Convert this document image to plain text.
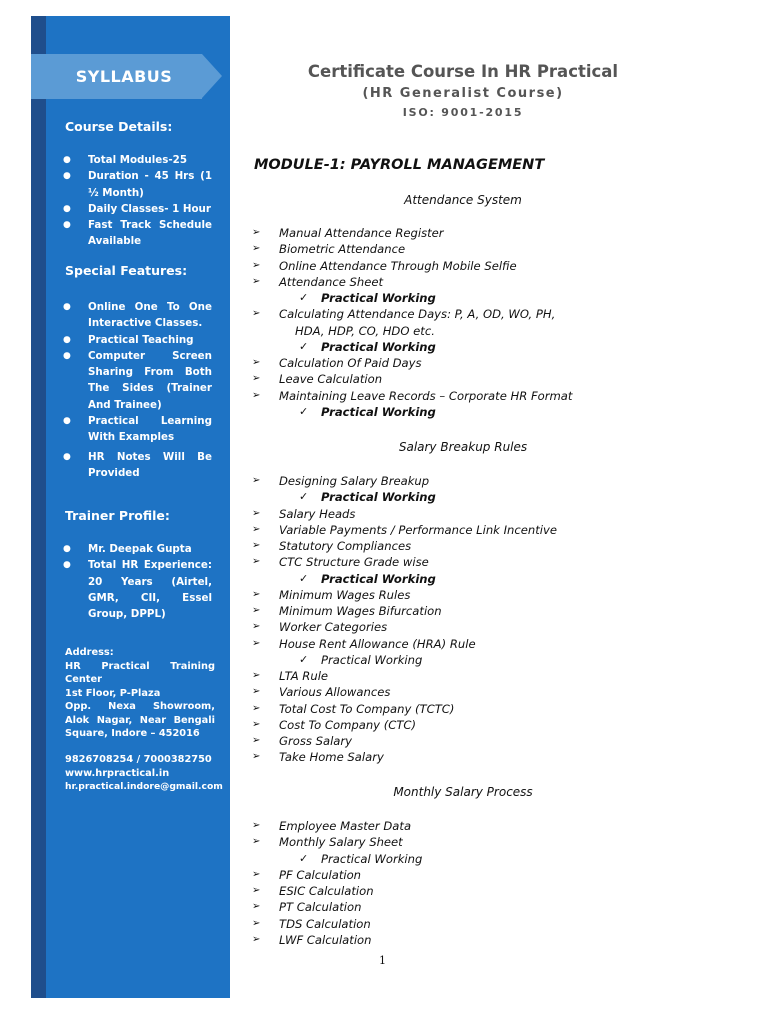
SYLLABUS
Course Details:
● Total Modules-25
● Duration - 45 Hrs (1 ½ Month)
● Daily Classes- 1 Hour
● Fast Track Schedule Available
Special Features:
● Online One To One Interactive Classes.
● Practical Teaching
● Computer Screen Sharing From Both The Sides (Trainer And Trainee)
● Practical Learning With Examples
● HR Notes Will Be Provided
Trainer Profile:
● Mr. Deepak Gupta
● Total HR Experience: 20 Years (Airtel, GMR, CII, Essel Group, DPPL)
Address:
HR Practical Training Center
1st Floor, P-Plaza
Opp. Nexa Showroom, Alok Nagar, Near Bengali Square, Indore – 452016
9826708254 / 7000382750
www.hrpractical.in
hr.practical.indore@gmail.com
Certificate Course In HR Practical
(HR Generalist Course)
ISO: 9001-2015
MODULE-1: PAYROLL MANAGEMENT
Attendance System
➢ Manual Attendance Register
➢ Biometric Attendance
➢ Online Attendance Through Mobile Selfie
➢ Attendance Sheet
✓ Practical Working
➢ Calculating Attendance Days: P, A, OD, WO, PH,
HDA, HDP, CO, HDO etc.
✓ Practical Working
➢ Calculation Of Paid Days
➢ Leave Calculation
➢ Maintaining Leave Records – Corporate HR Format
✓ Practical Working
Salary Breakup Rules
➢ Designing Salary Breakup
✓ Practical Working
➢ Salary Heads
➢ Variable Payments / Performance Link Incentive
➢ Statutory Compliances
➢ CTC Structure Grade wise
✓ Practical Working
➢ Minimum Wages Rules
➢ Minimum Wages Bifurcation
➢ Worker Categories
➢ House Rent Allowance (HRA) Rule
✓ Practical Working
➢ LTA Rule
➢ Various Allowances
➢ Total Cost To Company (TCTC)
➢ Cost To Company (CTC)
➢ Gross Salary
➢ Take Home Salary
Monthly Salary Process
➢ Employee Master Data
➢ Monthly Salary Sheet
✓ Practical Working
➢ PF Calculation
➢ ESIC Calculation
➢ PT Calculation
➢ TDS Calculation
➢ LWF Calculation
1
